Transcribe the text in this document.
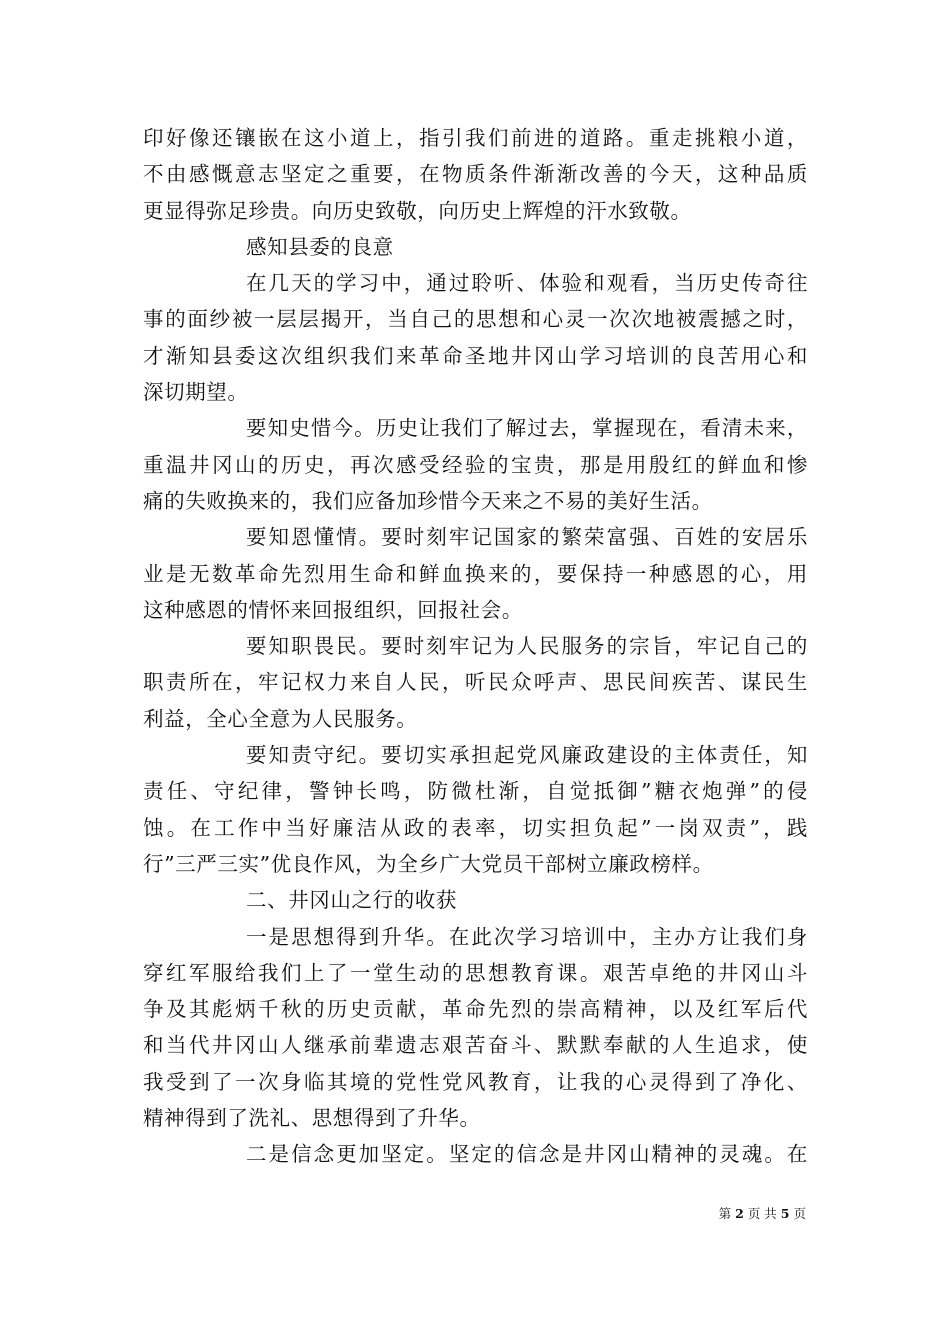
印好像还镶嵌在这小道上，指引我们前进的道路。重走挑粮小道，
不由感慨意志坚定之重要，在物质条件渐渐改善的今天，这种品质
更显得弥足珍贵。向历史致敬，向历史上辉煌的汗水致敬。
感知县委的良意
在几天的学习中，通过聆听、体验和观看，当历史传奇往
事的面纱被一层层揭开，当自己的思想和心灵一次次地被震撼之时，
才渐知县委这次组织我们来革命圣地井冈山学习培训的良苦用心和
深切期望。
要知史惜今。历史让我们了解过去，掌握现在，看清未来，
重温井冈山的历史，再次感受经验的宝贵，那是用殷红的鲜血和惨
痛的失败换来的，我们应备加珍惜今天来之不易的美好生活。
要知恩懂情。要时刻牢记国家的繁荣富强、百姓的安居乐
业是无数革命先烈用生命和鲜血换来的，要保持一种感恩的心，用
这种感恩的情怀来回报组织，回报社会。
要知职畏民。要时刻牢记为人民服务的宗旨，牢记自己的
职责所在，牢记权力来自人民，听民众呼声、思民间疾苦、谋民生
利益，全心全意为人民服务。
要知责守纪。要切实承担起党风廉政建设的主体责任，知
责任、守纪律，警钟长鸣，防微杜渐，自觉抵御”糖衣炮弹”的侵
蚀。在工作中当好廉洁从政的表率，切实担负起”一岗双责”，践
行”三严三实”优良作风，为全乡广大党员干部树立廉政榜样。
二、井冈山之行的收获
一是思想得到升华。在此次学习培训中，主办方让我们身
穿红军服给我们上了一堂生动的思想教育课。艰苦卓绝的井冈山斗
争及其彪炳千秋的历史贡献，革命先烈的崇高精神，以及红军后代
和当代井冈山人继承前辈遗志艰苦奋斗、默默奉献的人生追求，使
我受到了一次身临其境的党性党风教育，让我的心灵得到了净化、
精神得到了洗礼、思想得到了升华。
二是信念更加坚定。坚定的信念是井冈山精神的灵魂。在
第 2 页 共 5 页
